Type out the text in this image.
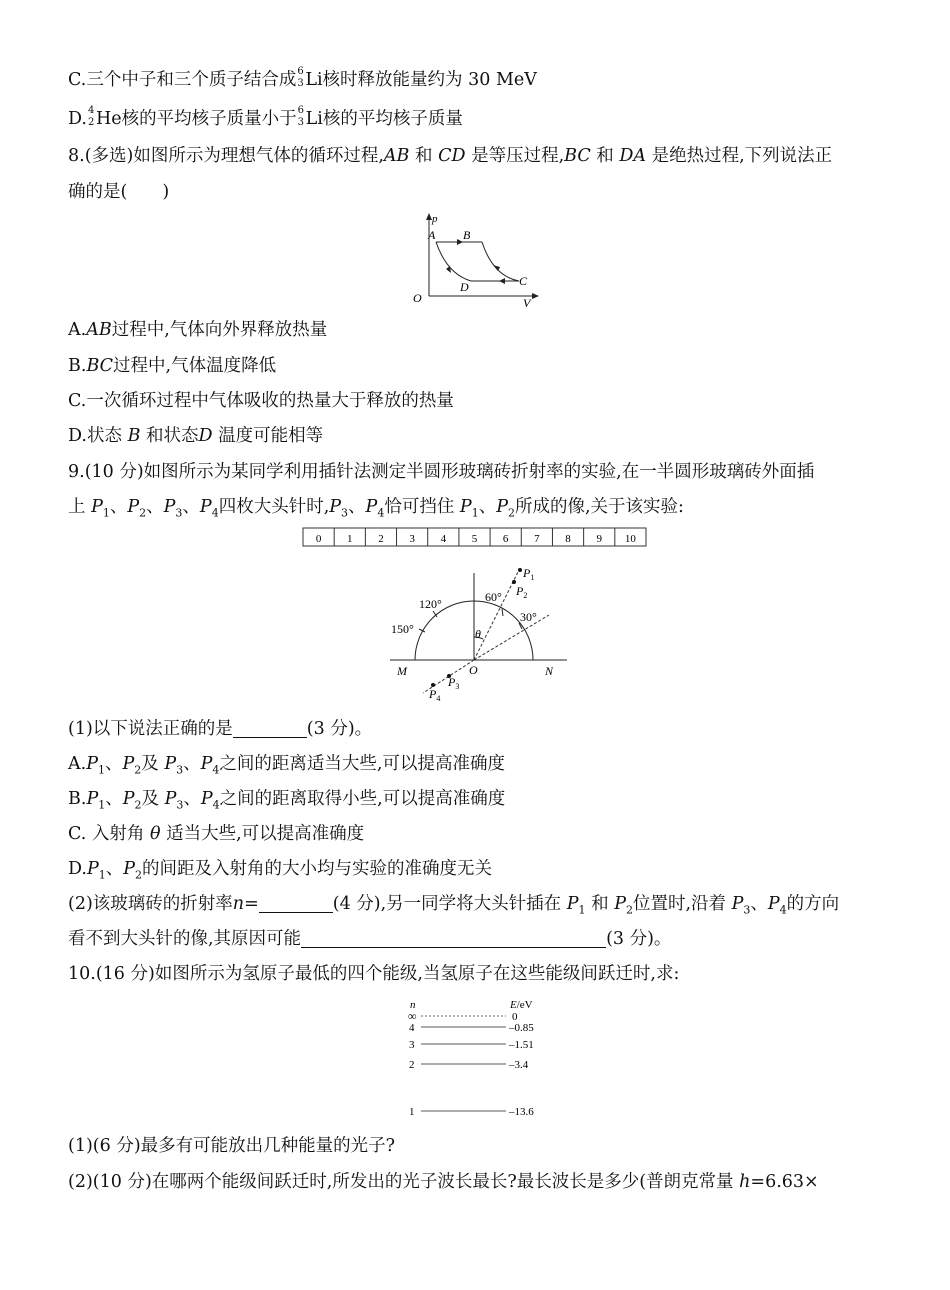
C.三个中子和三个质子结合成 6
3 Li核时释放能量约为 30 MeV
D. 4
2 He核的平均核子质量小于 6
3 Li核的平均核子质量
8.(多选)如图所示为理想气体的循环过程,AB 和 CD 是等压过程,BC 和 DA 是绝热过程,下列说法正
确的是(　　)
p
V
O
A B
C
D
A.AB过程中,气体向外界释放热量
B.BC过程中,气体温度降低
C.一次循环过程中气体吸收的热量大于释放的热量
D.状态 B 和状态D 温度可能相等
9.(10 分)如图所示为某同学利用插针法测定半圆形玻璃砖折射率的实验,在一半圆形玻璃砖外面插
上 $P_1$、$P_2$、$P_3$、$P_4$四枚大头针时$,P_3$、$P_4$恰可挡住 $P_1$、$P_2$所成的像,关于该实验:
0 1 2 3 4 5 6 7 8 9 10
120°
150°
60°
30°
θ
M	O	N
$P_1$
$P_2$
$P_3$
$P_4$
(1)以下说法正确的是	(3 分)。
$A.P_1$、$P_2$及 $P_3$、$P_4$之间的距离适当大些,可以提高准确度
$B.P_1$、$P_2$及 $P_3$、$P_4$之间的距离取得小些,可以提高准确度
C. 入射角 θ 适当大些,可以提高准确度
$D.P_1$、$P_2$的间距及入射角的大小均与实验的准确度无关
(2)该玻璃砖的折射率n=	(4 分),另一同学将大头针插在 $P_1$ 和 $P_2$位置时,沿着 $P_3$、$P_4$的方向
看不到大头针的像,其原因可能	(3 分)。
10.(16 分)如图所示为氢原子最低的四个能级,当氢原子在这些能级间跃迁时,求:
n	E/eV
∞	0
4	–0.85
3	–1.51
2	–3.4
1	–13.6
(1)(6 分)最多有可能放出几种能量的光子?
(2)(10 分)在哪两个能级间跃迁时,所发出的光子波长最长?最长波长是多少(普朗克常量 h=6.63×
